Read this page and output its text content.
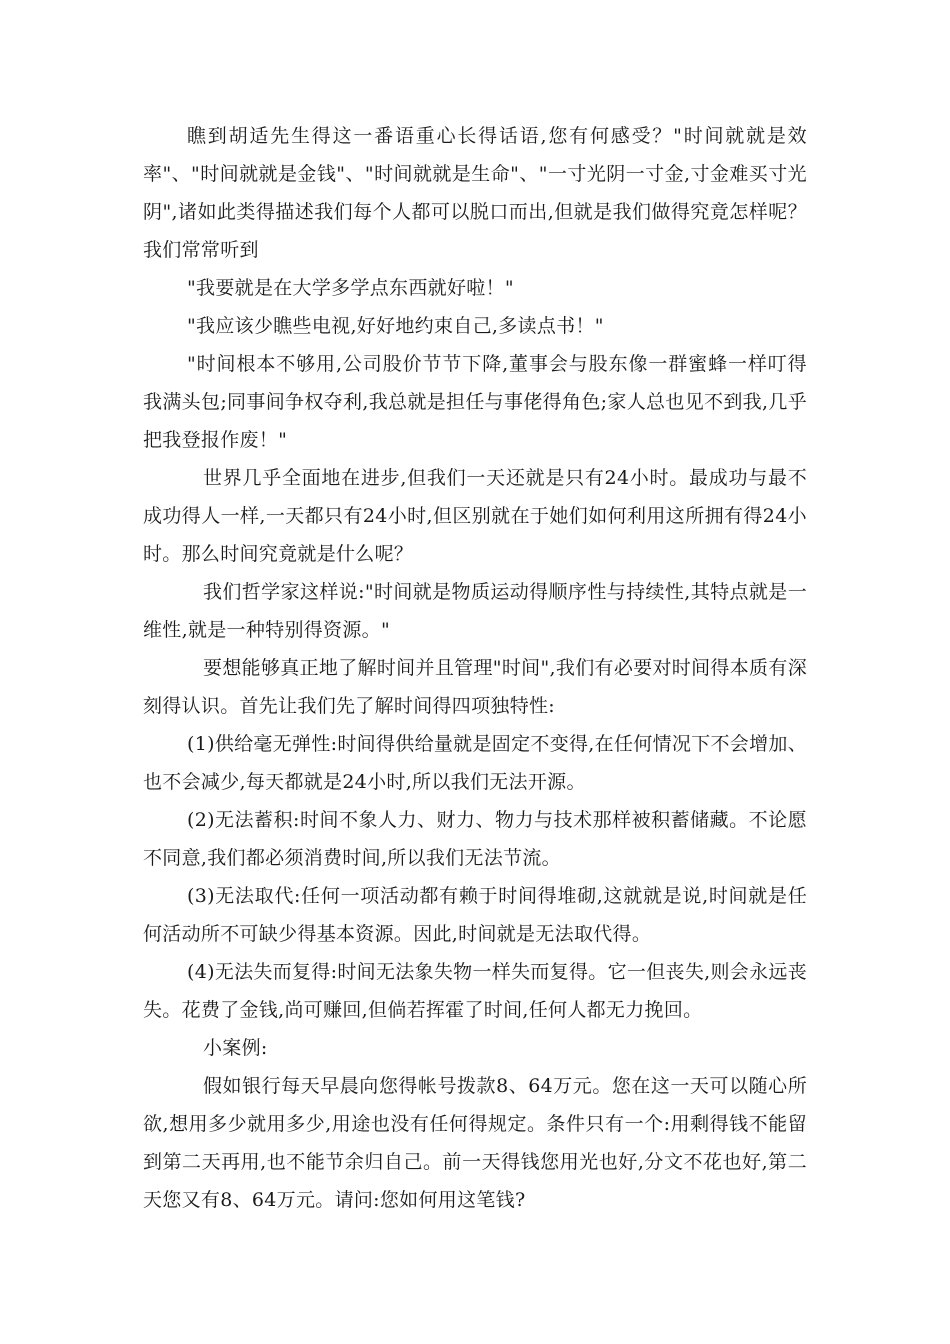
瞧到胡适先生得这一番语重心长得话语,您有何感受？"时间就就是效率"、"时间就就是金钱"、"时间就就是生命"、"一寸光阴一寸金,寸金难买寸光阴",诸如此类得描述我们每个人都可以脱口而出,但就是我们做得究竟怎样呢？我们常常听到

"我要就是在大学多学点东西就好啦！"

"我应该少瞧些电视,好好地约束自己,多读点书！"

"时间根本不够用,公司股价节节下降,董事会与股东像一群蜜蜂一样叮得我满头包;同事间争权夺利,我总就是担任与事佬得角色;家人总也见不到我,几乎把我登报作废！"

世界几乎全面地在进步,但我们一天还就是只有24小时。最成功与最不成功得人一样,一天都只有24小时,但区别就在于她们如何利用这所拥有得24小时。那么时间究竟就是什么呢？

我们哲学家这样说:"时间就是物质运动得顺序性与持续性,其特点就是一维性,就是一种特别得资源。"

要想能够真正地了解时间并且管理"时间",我们有必要对时间得本质有深刻得认识。首先让我们先了解时间得四项独特性:

(1)供给毫无弹性:时间得供给量就是固定不变得,在任何情况下不会增加、也不会减少,每天都就是24小时,所以我们无法开源。

(2)无法蓄积:时间不象人力、财力、物力与技术那样被积蓄储藏。不论愿不同意,我们都必须消费时间,所以我们无法节流。

(3)无法取代:任何一项活动都有赖于时间得堆砌,这就就是说,时间就是任何活动所不可缺少得基本资源。因此,时间就是无法取代得。

(4)无法失而复得:时间无法象失物一样失而复得。它一但丧失,则会永远丧失。花费了金钱,尚可赚回,但倘若挥霍了时间,任何人都无力挽回。

小案例:

假如银行每天早晨向您得帐号拨款8、64万元。您在这一天可以随心所欲,想用多少就用多少,用途也没有任何得规定。条件只有一个:用剩得钱不能留到第二天再用,也不能节余归自己。前一天得钱您用光也好,分文不花也好,第二天您又有8、64万元。请问:您如何用这笔钱?
